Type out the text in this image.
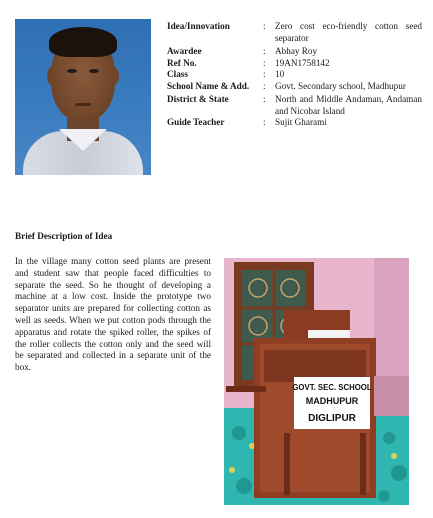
Idea/Innovation	:	Zero cost eco-friendly cotton seed separator
Awardee	:	Abhay Roy
Ref No.	:	19AN1758142
Class	:	10
School Name & Add.	:	Govt. Secondary school, Madhupur
District & State	:	North and Middle Andaman, Andaman and Nicobar Island
Guide Teacher	:	Sujit Gharami
Brief Description of Idea
In the village many cotton seed plants are present and student saw that people faced difficulties to separate the seed. So he thought of developing a machine at a low cost. Inside the prototype two separator units are prepared for collecting cotton as well as seeds. When we put cotton pods through the apparatus and rotate the spiked roller, the spikes of the roller collects the cotton only and the seed will be separated and collected in a separate unit of the box.
GOVT. SEC. SCHOOL
MADHUPUR
DIGLIPUR
